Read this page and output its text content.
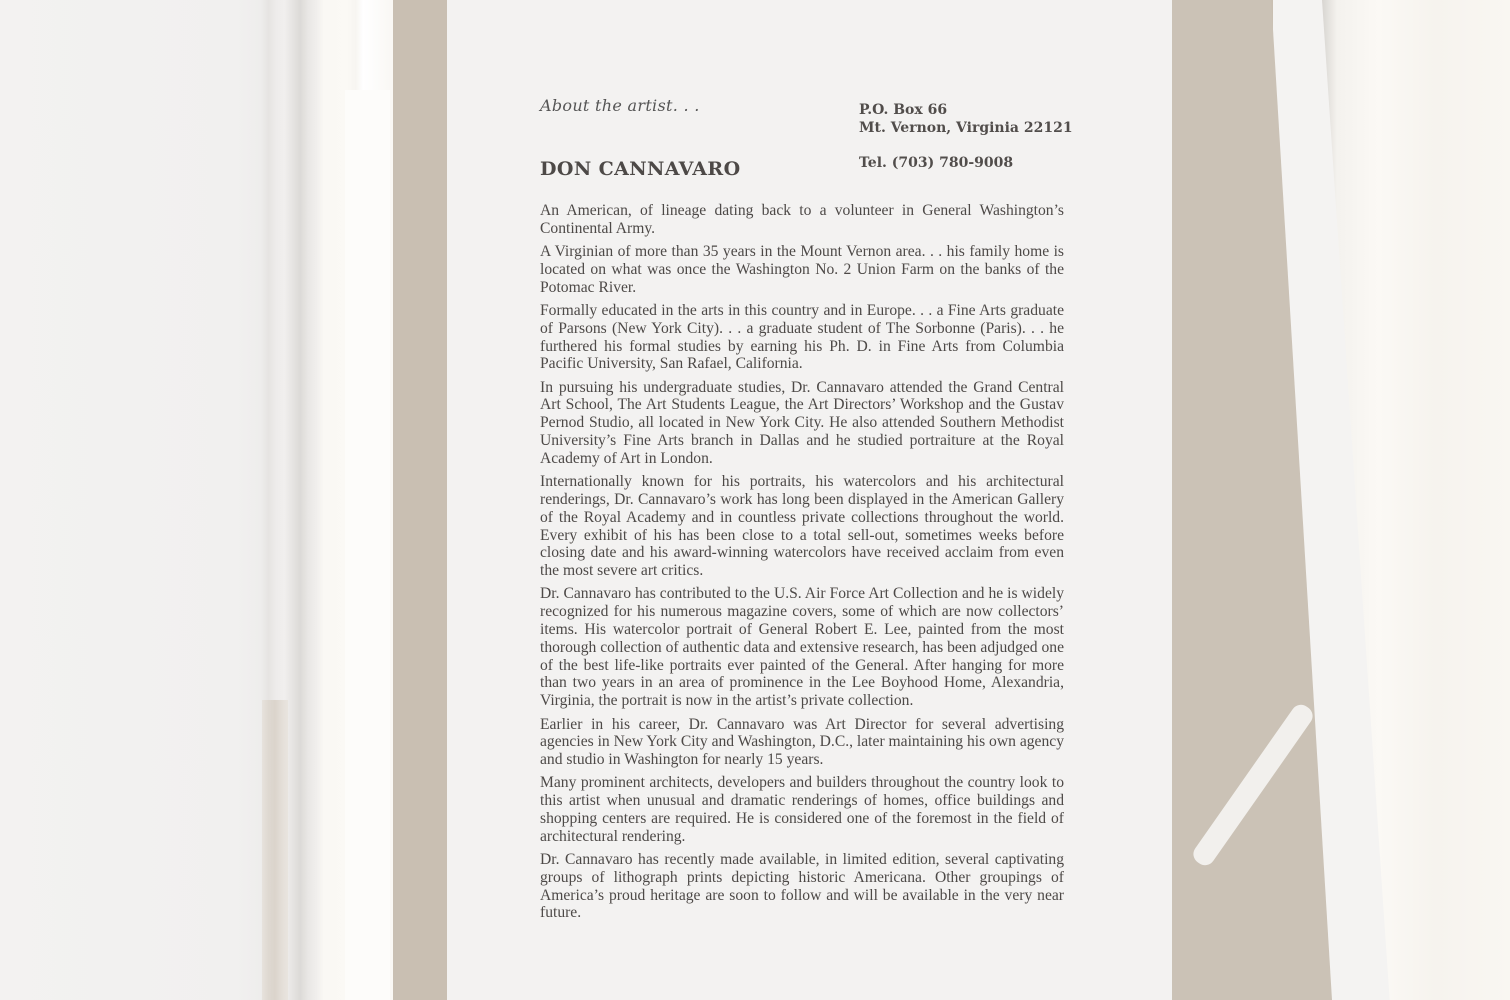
About the artist. . .
DON CANNAVARO
P.O. Box 66
Mt. Vernon, Virginia 22121
Tel. (703) 780-9008

An American, of lineage dating back to a volunteer in General Washington’s Continental Army.

A Virginian of more than 35 years in the Mount Vernon area. . . his family home is located on what was once the Washington No. 2 Union Farm on the banks of the Potomac River.

Formally educated in the arts in this country and in Europe. . . a Fine Arts graduate of Parsons (New York City). . . a graduate student of The Sorbonne (Paris). . . he furthered his formal studies by earning his Ph. D. in Fine Arts from Columbia Pacific University, San Rafael, California.

In pursuing his undergraduate studies, Dr. Cannavaro attended the Grand Central Art School, The Art Students League, the Art Directors’ Workshop and the Gustav Pernod Studio, all located in New York City. He also attended Southern Methodist University’s Fine Arts branch in Dallas and he studied portraiture at the Royal Academy of Art in London.

Internationally known for his portraits, his watercolors and his architectural renderings, Dr. Cannavaro’s work has long been displayed in the American Gallery of the Royal Academy and in countless private collections throughout the world. Every exhibit of his has been close to a total sell-out, sometimes weeks before closing date and his award-winning watercolors have received acclaim from even the most severe art critics.

Dr. Cannavaro has contributed to the U.S. Air Force Art Collection and he is widely recognized for his numerous magazine covers, some of which are now collectors’ items. His watercolor portrait of General Robert E. Lee, painted from the most thorough collection of authentic data and extensive research, has been adjudged one of the best life-like portraits ever painted of the General. After hanging for more than two years in an area of prominence in the Lee Boyhood Home, Alexandria, Virginia, the portrait is now in the artist’s private collection.

Earlier in his career, Dr. Cannavaro was Art Director for several advertising agencies in New York City and Washington, D.C., later maintaining his own agency and studio in Washington for nearly 15 years.

Many prominent architects, developers and builders throughout the country look to this artist when unusual and dramatic renderings of homes, office buildings and shopping centers are required. He is considered one of the foremost in the field of architectural rendering.

Dr. Cannavaro has recently made available, in limited edition, several captivating groups of lithograph prints depicting historic Americana. Other groupings of America’s proud heritage are soon to follow and will be available in the very near future.
